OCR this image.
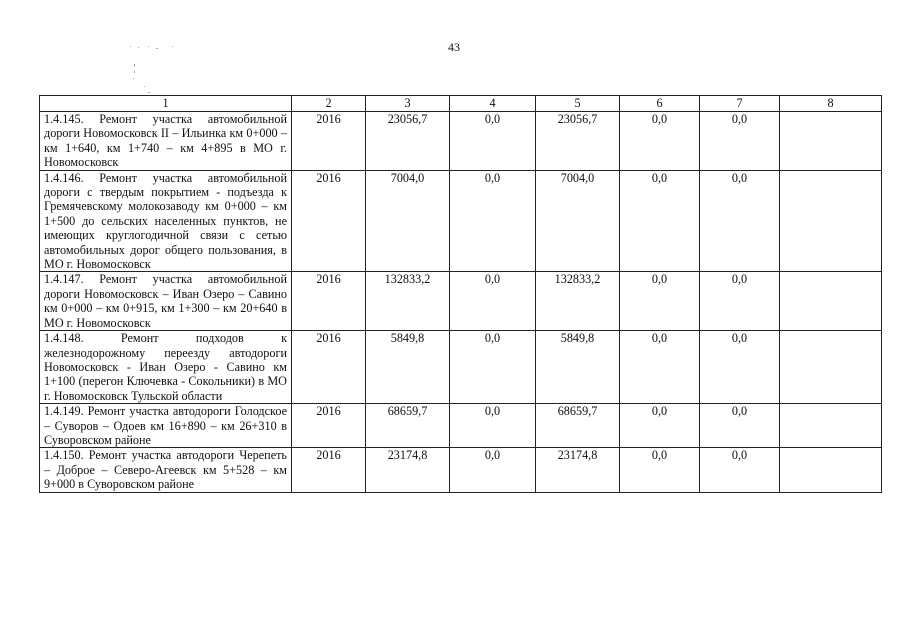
43
1	2	3	4	5	6	7	8
1.4.145. Ремонт участка автомобильной дороги Новомосковск II – Ильинка км 0+000 – км 1+640, км 1+740 – км 4+895 в МО г. Новомосковск	2016	23056,7	0,0	23056,7	0,0	0,0	
1.4.146. Ремонт участка автомобильной дороги с твердым покрытием - подъезда к Гремячевскому молокозаводу км 0+000 – км 1+500 до сельских населенных пунктов, не имеющих круглогодичной связи с сетью автомобильных дорог общего пользования, в МО г. Новомосковск	2016	7004,0	0,0	7004,0	0,0	0,0	
1.4.147. Ремонт участка автомобильной дороги Новомосковск – Иван Озеро – Савино км 0+000 – км 0+915, км 1+300 – км 20+640 в МО г. Новомосковск	2016	132833,2	0,0	132833,2	0,0	0,0	
1.4.148. Ремонт подходов к железнодорожному переезду автодороги Новомосковск - Иван Озеро - Савино км 1+100 (перегон Ключевка - Сокольники) в МО г. Новомосковск Тульской области	2016	5849,8	0,0	5849,8	0,0	0,0	
1.4.149. Ремонт участка автодороги Голодское – Суворов – Одоев км 16+890 – км 26+310 в Суворовском районе	2016	68659,7	0,0	68659,7	0,0	0,0	
1.4.150. Ремонт участка автодороги Черепеть – Доброе – Северо-Агеевск км 5+528 – км 9+000 в Суворовском районе	2016	23174,8	0,0	23174,8	0,0	0,0	
